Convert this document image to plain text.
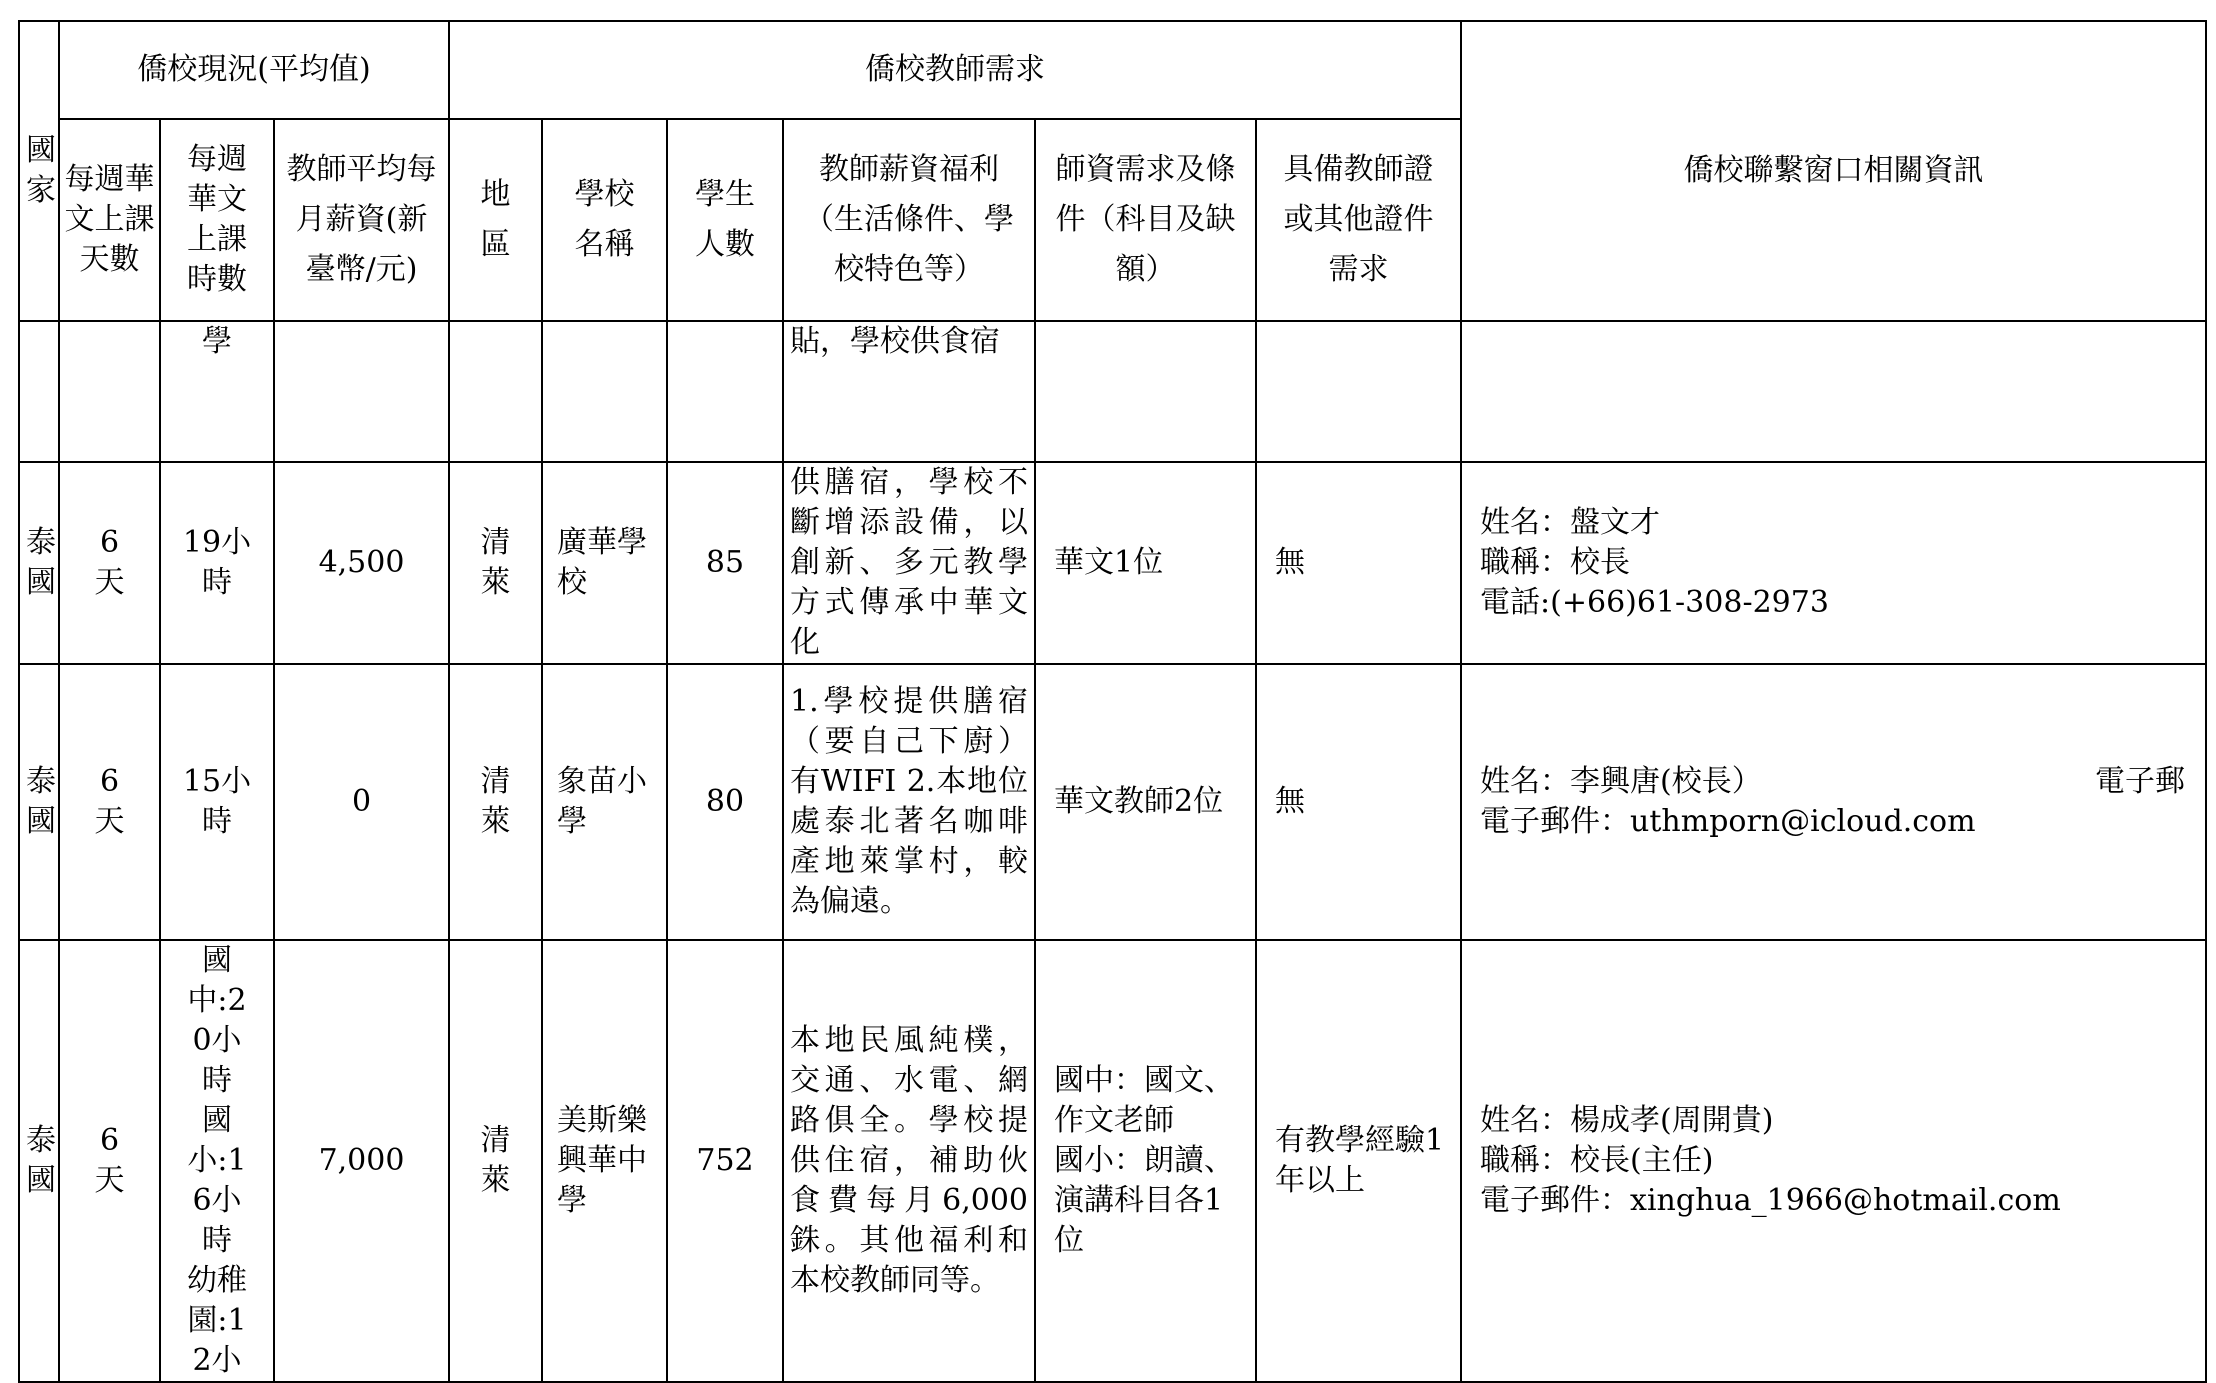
國家	僑校現況(平均值)			僑校教師需求						僑校聯繫窗口相關資訊
	每週華文上課天數	每週華文上課時數	教師平均每月薪資(新臺幣/元)	地區	學校名稱	學生人數	教師薪資福利（生活條件、學校特色等）	師資需求及條件（科目及缺額）	具備教師證或其他證件需求	
		學					貼，學校供食宿			
泰國	6天	19小時	4,500	清萊	廣華學校	85	供膳宿，學校不斷增添設備，以創新、多元教學方式傳承中華文化	華文1位	無	姓名：盤文才
職稱：校長
電話:(+66)61-308-2973

泰國	6天	15小時	0	清萊	象苗小學	80	1.學校提供膳宿（要自己下廚）有WIFI 2.本地位處泰北著名咖啡產地萊掌村，較為偏遠。	華文教師2位	無	電子郵
姓名：李興唐(校長）
電子郵件：uthmporn@icloud.com

泰國	6天	國中:20小時
國小:16小時
幼稚園:12小	7,000	清萊	美斯樂興華中學	752	本地民風純樸，交通、水電、網路俱全。學校提供住宿，補助伙食費每月6,000銖。其他福利和本校教師同等。	國中：國文、作文老師
國小：朗讀、演講科目各1位	有教學經驗1年以上	姓名：楊成孝(周開貴)
職稱：校長(主任)
電子郵件：xinghua_1966@hotmail.com
